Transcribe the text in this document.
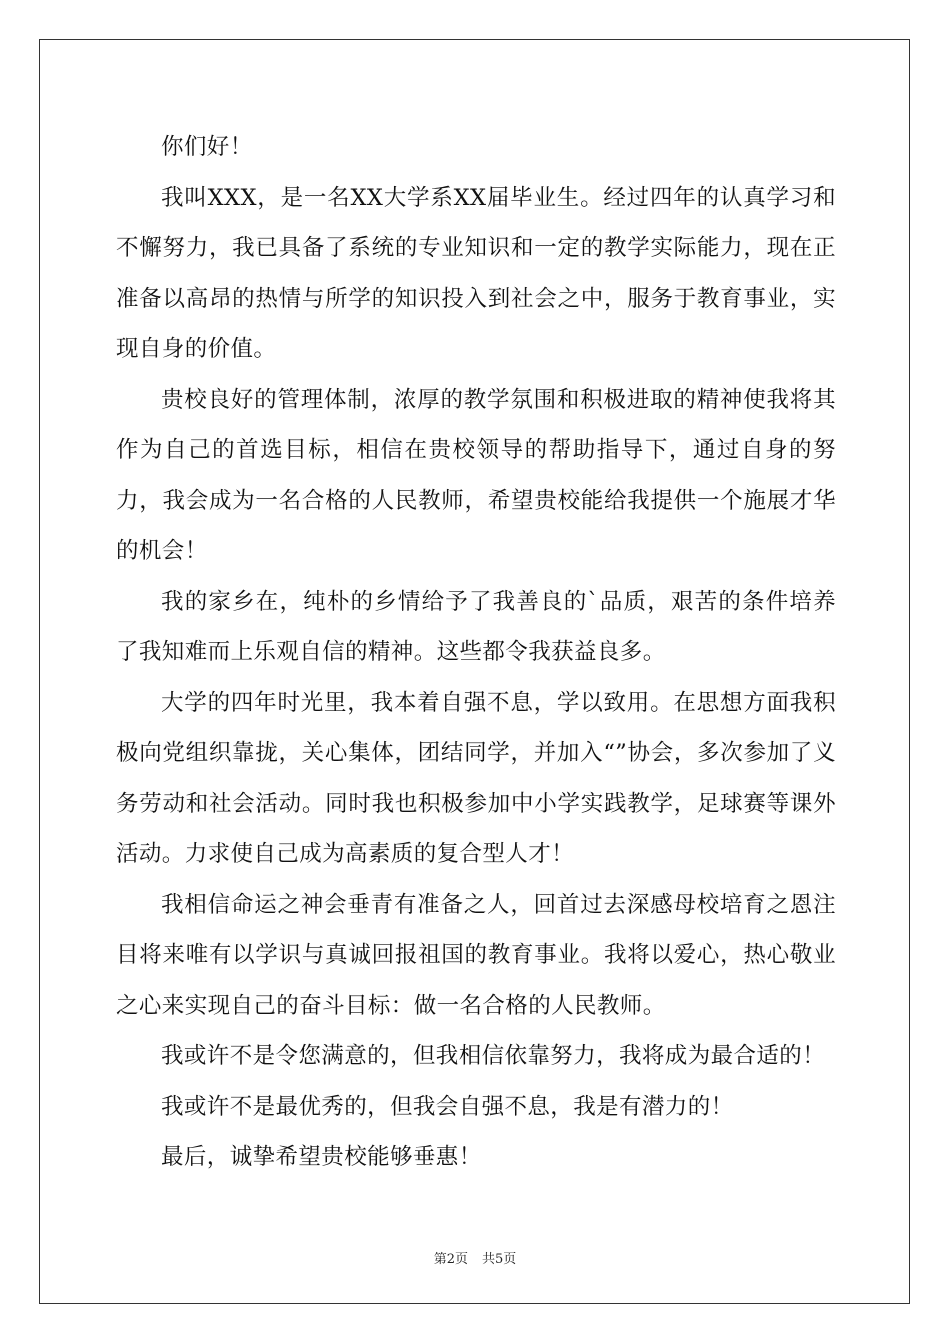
你们好！

我叫XXX，是一名XX大学系XX届毕业生。经过四年的认真学习和不懈努力，我已具备了系统的专业知识和一定的教学实际能力，现在正准备以高昂的热情与所学的知识投入到社会之中，服务于教育事业，实现自身的价值。

贵校良好的管理体制，浓厚的教学氛围和积极进取的精神使我将其作为自己的首选目标，相信在贵校领导的帮助指导下，通过自身的努力，我会成为一名合格的人民教师，希望贵校能给我提供一个施展才华的机会！

我的家乡在，纯朴的乡情给予了我善良的`品质，艰苦的条件培养了我知难而上乐观自信的精神。这些都令我获益良多。

大学的四年时光里，我本着自强不息，学以致用。在思想方面我积极向党组织靠拢，关心集体，团结同学，并加入“”协会，多次参加了义务劳动和社会活动。同时我也积极参加中小学实践教学，足球赛等课外活动。力求使自己成为高素质的复合型人才！

我相信命运之神会垂青有准备之人，回首过去深感母校培育之恩注目将来唯有以学识与真诚回报祖国的教育事业。我将以爱心，热心敬业之心来实现自己的奋斗目标：做一名合格的人民教师。

我或许不是令您满意的，但我相信依靠努力，我将成为最合适的！

我或许不是最优秀的，但我会自强不息，我是有潜力的！

最后，诚挚希望贵校能够垂惠！

第2页 共5页
